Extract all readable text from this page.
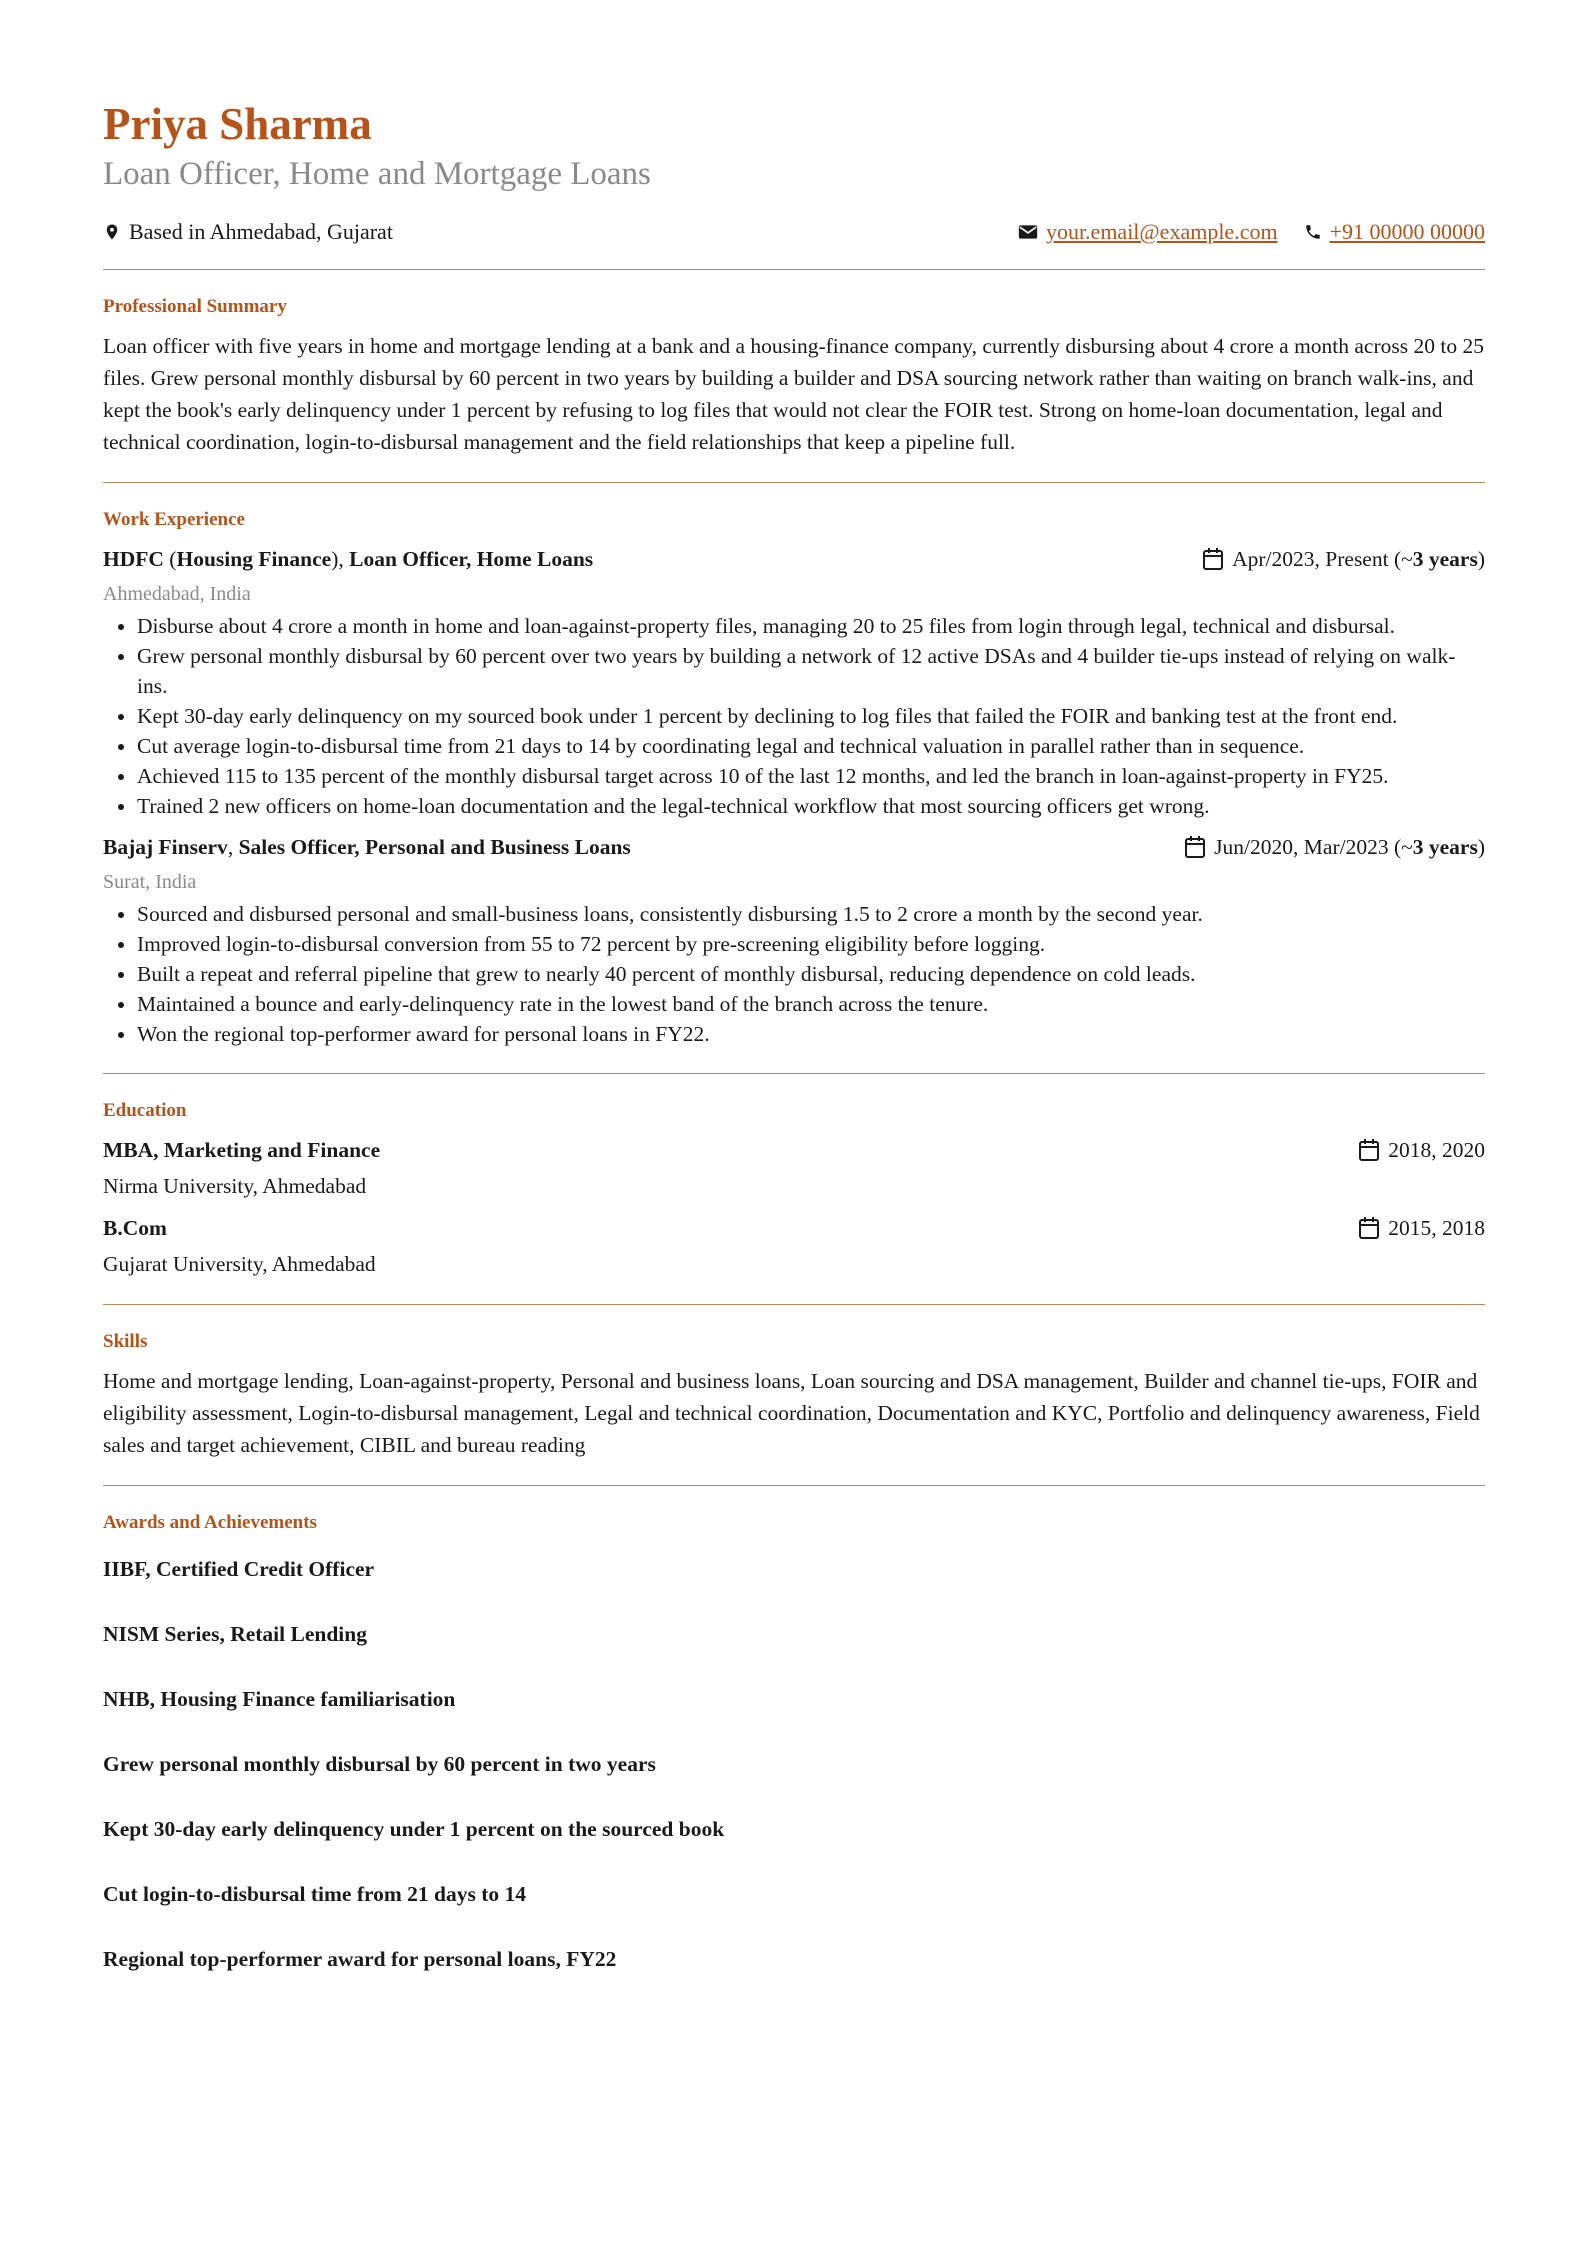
Priya Sharma
Loan Officer, Home and Mortgage Loans
Based in Ahmedabad, Gujarat	your.email@example.com +91 00000 00000
Professional Summary

Loan officer with five years in home and mortgage lending at a bank and a housing-finance company, currently disbursing about 4 crore a month across 20 to 25 files. Grew personal monthly disbursal by 60 percent in two years by building a builder and DSA sourcing network rather than waiting on branch walk-ins, and kept the book's early delinquency under 1 percent by refusing to log files that would not clear the FOIR test. Strong on home-loan documentation, legal and technical coordination, login-to-disbursal management and the field relationships that keep a pipeline full.

Work Experience
HDFC (Housing Finance), Loan Officer, Home Loans	Apr/2023, Present (~ 3 years )
Ahmedabad, India
• Disburse about 4 crore a month in home and loan-against-property files, managing 20 to 25 files from login through legal, technical and disbursal.
• Grew personal monthly disbursal by 60 percent over two years by building a network of 12 active DSAs and 4 builder tie-ups instead of relying on walk-ins.
• Kept 30-day early delinquency on my sourced book under 1 percent by declining to log files that failed the FOIR and banking test at the front end.
• Cut average login-to-disbursal time from 21 days to 14 by coordinating legal and technical valuation in parallel rather than in sequence.
• Achieved 115 to 135 percent of the monthly disbursal target across 10 of the last 12 months, and led the branch in loan-against-property in FY25.
• Trained 2 new officers on home-loan documentation and the legal-technical workflow that most sourcing officers get wrong.
Bajaj Finserv, Sales Officer, Personal and Business Loans	Jun/2020, Mar/2023 (~ 3 years )
Surat, India
• Sourced and disbursed personal and small-business loans, consistently disbursing 1.5 to 2 crore a month by the second year.
• Improved login-to-disbursal conversion from 55 to 72 percent by pre-screening eligibility before logging.
• Built a repeat and referral pipeline that grew to nearly 40 percent of monthly disbursal, reducing dependence on cold leads.
• Maintained a bounce and early-delinquency rate in the lowest band of the branch across the tenure.
• Won the regional top-performer award for personal loans in FY22.
Education
MBA, Marketing and Finance	2018, 2020
Nirma University, Ahmedabad
B.Com	2015, 2018
Gujarat University, Ahmedabad
Skills

Home and mortgage lending, Loan-against-property, Personal and business loans, Loan sourcing and DSA management, Builder and channel tie-ups, FOIR and eligibility assessment, Login-to-disbursal management, Legal and technical coordination, Documentation and KYC, Portfolio and delinquency awareness, Field sales and target achievement, CIBIL and bureau reading

Awards and Achievements
IIBF, Certified Credit Officer
NISM Series, Retail Lending
NHB, Housing Finance familiarisation
Grew personal monthly disbursal by 60 percent in two years
Kept 30-day early delinquency under 1 percent on the sourced book
Cut login-to-disbursal time from 21 days to 14
Regional top-performer award for personal loans, FY22
